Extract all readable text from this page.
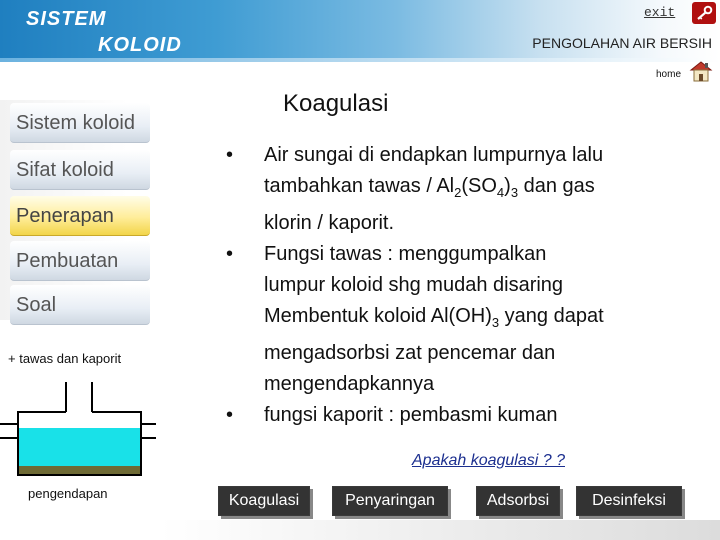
SISTEM
KOLOID
exit
PENGOLAHAN AIR BERSIH
home
Sistem koloid
Sifat koloid
Penerapan
Pembuatan
Soal
+ tawas dan kaporit
pengendapan
Koagulasi
• Air sungai di endapkan lumpurnya lalu
tambahkan tawas / $Al_2(SO_4)_3$ dan gas
klorin / kaporit.
• Fungsi tawas : menggumpalkan
lumpur koloid shg mudah disaring
Membentuk koloid $Al(OH)_3$ yang dapat
mengadsorbsi zat pencemar dan
mengendapkannya
• fungsi kaporit : pembasmi kuman
Apakah koagulasi ? ?
Koagulasi	Penyaringan	Adsorbsi	Desinfeksi
